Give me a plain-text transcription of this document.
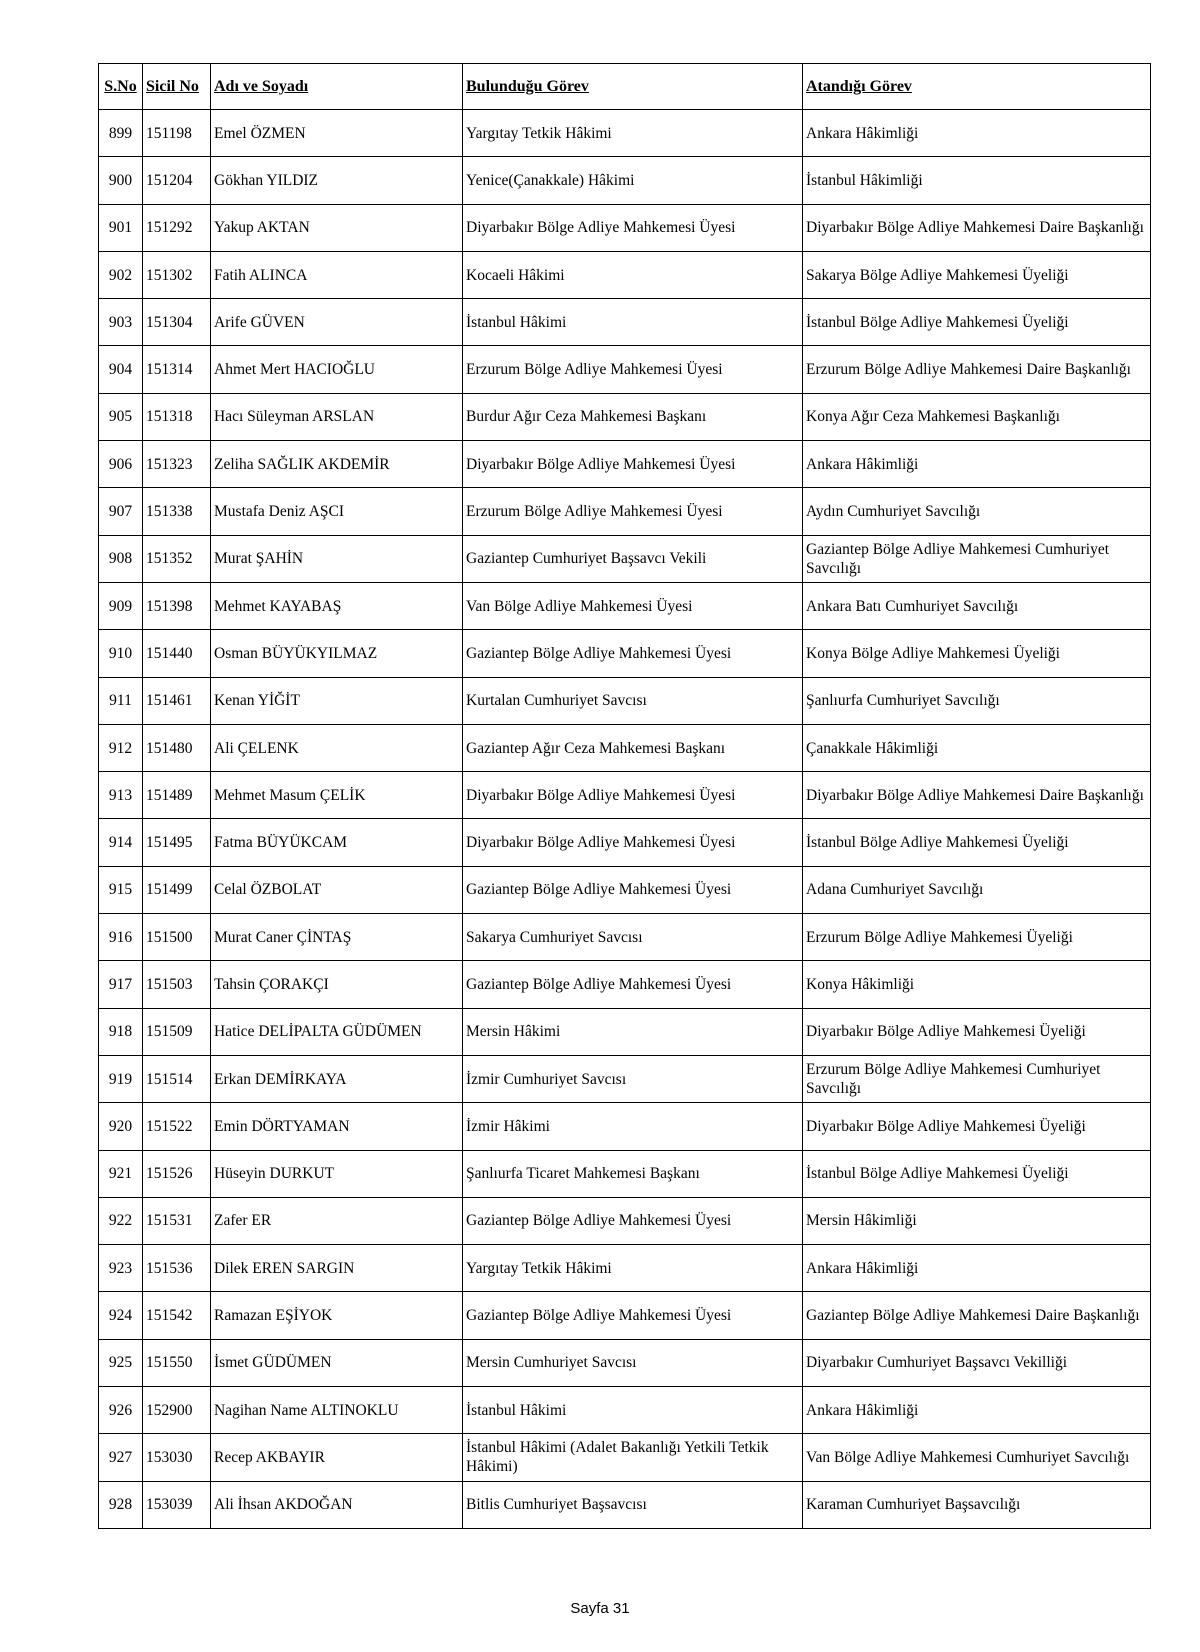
S.No	Sicil No	Adı ve Soyadı	Bulunduğu Görev	Atandığı Görev
899	151198	Emel ÖZMEN	Yargıtay Tetkik Hâkimi	Ankara Hâkimliği
900	151204	Gökhan YILDIZ	Yenice(Çanakkale) Hâkimi	İstanbul Hâkimliği
901	151292	Yakup AKTAN	Diyarbakır Bölge Adliye Mahkemesi Üyesi	Diyarbakır Bölge Adliye Mahkemesi Daire Başkanlığı
902	151302	Fatih ALINCA	Kocaeli Hâkimi	Sakarya Bölge Adliye Mahkemesi Üyeliği
903	151304	Arife GÜVEN	İstanbul Hâkimi	İstanbul Bölge Adliye Mahkemesi Üyeliği
904	151314	Ahmet Mert HACIOĞLU	Erzurum Bölge Adliye Mahkemesi Üyesi	Erzurum Bölge Adliye Mahkemesi Daire Başkanlığı
905	151318	Hacı Süleyman ARSLAN	Burdur Ağır Ceza Mahkemesi Başkanı	Konya Ağır Ceza Mahkemesi Başkanlığı
906	151323	Zeliha SAĞLIK AKDEMİR	Diyarbakır Bölge Adliye Mahkemesi Üyesi	Ankara Hâkimliği
907	151338	Mustafa Deniz AŞCI	Erzurum Bölge Adliye Mahkemesi Üyesi	Aydın Cumhuriyet Savcılığı
908	151352	Murat ŞAHİN	Gaziantep Cumhuriyet Başsavcı Vekili	Gaziantep Bölge Adliye Mahkemesi Cumhuriyet Savcılığı
909	151398	Mehmet KAYABAŞ	Van Bölge Adliye Mahkemesi Üyesi	Ankara Batı Cumhuriyet Savcılığı
910	151440	Osman BÜYÜKYILMAZ	Gaziantep Bölge Adliye Mahkemesi Üyesi	Konya Bölge Adliye Mahkemesi Üyeliği
911	151461	Kenan YİĞİT	Kurtalan Cumhuriyet Savcısı	Şanlıurfa Cumhuriyet Savcılığı
912	151480	Ali ÇELENK	Gaziantep Ağır Ceza Mahkemesi Başkanı	Çanakkale Hâkimliği
913	151489	Mehmet Masum ÇELİK	Diyarbakır Bölge Adliye Mahkemesi Üyesi	Diyarbakır Bölge Adliye Mahkemesi Daire Başkanlığı
914	151495	Fatma BÜYÜKCAM	Diyarbakır Bölge Adliye Mahkemesi Üyesi	İstanbul Bölge Adliye Mahkemesi Üyeliği
915	151499	Celal ÖZBOLAT	Gaziantep Bölge Adliye Mahkemesi Üyesi	Adana Cumhuriyet Savcılığı
916	151500	Murat Caner ÇİNTAŞ	Sakarya Cumhuriyet Savcısı	Erzurum Bölge Adliye Mahkemesi Üyeliği
917	151503	Tahsin ÇORAKÇI	Gaziantep Bölge Adliye Mahkemesi Üyesi	Konya Hâkimliği
918	151509	Hatice DELİPALTA GÜDÜMEN	Mersin Hâkimi	Diyarbakır Bölge Adliye Mahkemesi Üyeliği
919	151514	Erkan DEMİRKAYA	İzmir Cumhuriyet Savcısı	Erzurum Bölge Adliye Mahkemesi Cumhuriyet Savcılığı
920	151522	Emin DÖRTYAMAN	İzmir Hâkimi	Diyarbakır Bölge Adliye Mahkemesi Üyeliği
921	151526	Hüseyin DURKUT	Şanlıurfa Ticaret Mahkemesi Başkanı	İstanbul Bölge Adliye Mahkemesi Üyeliği
922	151531	Zafer ER	Gaziantep Bölge Adliye Mahkemesi Üyesi	Mersin Hâkimliği
923	151536	Dilek EREN SARGIN	Yargıtay Tetkik Hâkimi	Ankara Hâkimliği
924	151542	Ramazan EŞİYOK	Gaziantep Bölge Adliye Mahkemesi Üyesi	Gaziantep Bölge Adliye Mahkemesi Daire Başkanlığı
925	151550	İsmet GÜDÜMEN	Mersin Cumhuriyet Savcısı	Diyarbakır Cumhuriyet Başsavcı Vekilliği
926	152900	Nagihan Name ALTINOKLU	İstanbul Hâkimi	Ankara Hâkimliği
927	153030	Recep AKBAYIR	İstanbul Hâkimi (Adalet Bakanlığı Yetkili Tetkik Hâkimi)	Van Bölge Adliye Mahkemesi Cumhuriyet Savcılığı
928	153039	Ali İhsan AKDOĞAN	Bitlis Cumhuriyet Başsavcısı	Karaman Cumhuriyet Başsavcılığı
Sayfa 31
